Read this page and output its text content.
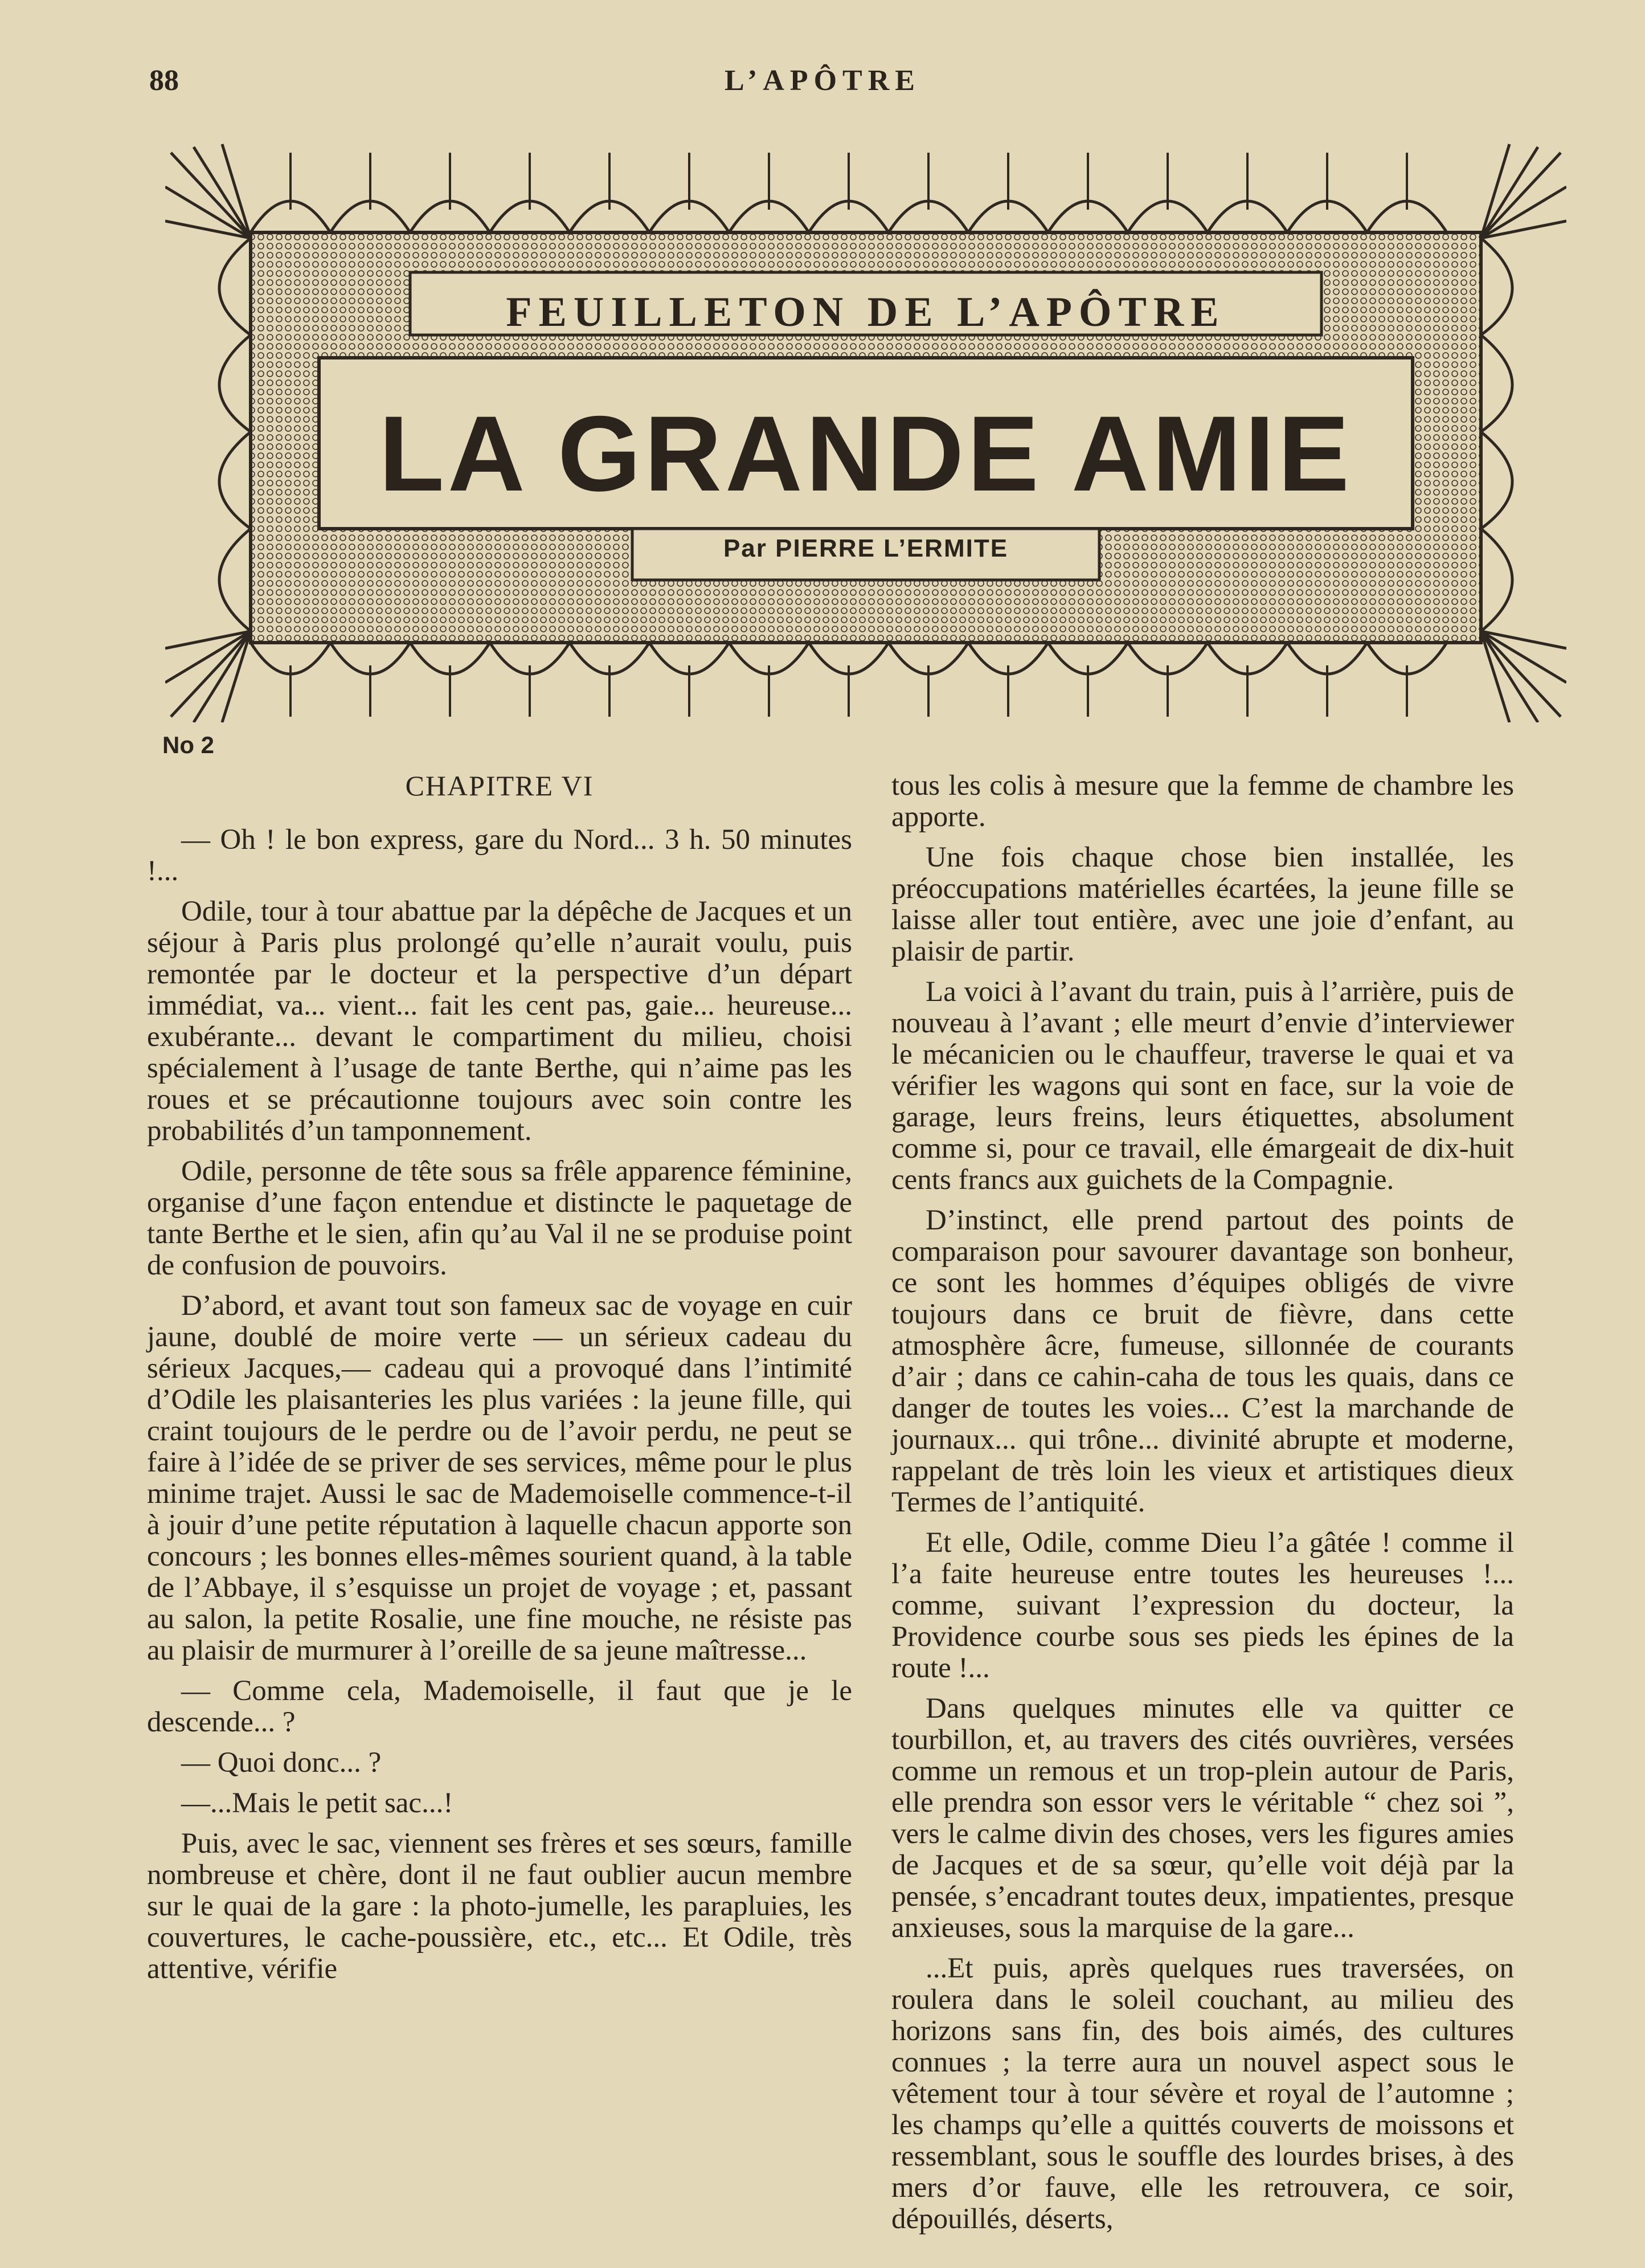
88	L’APÔTRE
FEUILLETON DE L’APÔTRE
LA GRANDE AMIE
Par PIERRE L’ERMITE
No 2
CHAPITRE VI

— Oh ! le bon express, gare du Nord... 3 h. 50 minutes !...

Odile, tour à tour abattue par la dépêche de Jacques et un séjour à Paris plus prolongé qu’elle n’aurait voulu, puis remontée par le docteur et la perspective d’un départ immédiat, va... vient... fait les cent pas, gaie... heureuse... exubérante... devant le compartiment du milieu, choisi spécialement à l’usage de tante Berthe, qui n’aime pas les roues et se précautionne toujours avec soin contre les probabilités d’un tamponnement.

Odile, personne de tête sous sa frêle apparence féminine, organise d’une façon entendue et distincte le paquetage de tante Berthe et le sien, afin qu’au Val il ne se produise point de confusion de pouvoirs.

D’abord, et avant tout son fameux sac de voyage en cuir jaune, doublé de moire verte — un sérieux cadeau du sérieux Jacques,— cadeau qui a provoqué dans l’intimité d’Odile les plaisanteries les plus variées : la jeune fille, qui craint toujours de le perdre ou de l’avoir perdu, ne peut se faire à l’idée de se priver de ses services, même pour le plus minime trajet. Aussi le sac de Mademoiselle commence-t-il à jouir d’une petite réputation à laquelle chacun apporte son concours ; les bonnes elles-mêmes sourient quand, à la table de l’Abbaye, il s’esquisse un projet de voyage ; et, passant au salon, la petite Rosalie, une fine mouche, ne résiste pas au plaisir de murmurer à l’oreille de sa jeune maîtresse...

— Comme cela, Mademoiselle, il faut que je le descende... ?

— Quoi donc... ?

—...Mais le petit sac...!

Puis, avec le sac, viennent ses frères et ses sœurs, famille nombreuse et chère, dont il ne faut oublier aucun membre sur le quai de la gare : la photo-jumelle, les parapluies, les couvertures, le cache-poussière, etc., etc... Et Odile, très attentive, vérifie

tous les colis à mesure que la femme de chambre les apporte.

Une fois chaque chose bien installée, les préoccupations matérielles écartées, la jeune fille se laisse aller tout entière, avec une joie d’enfant, au plaisir de partir.

La voici à l’avant du train, puis à l’arrière, puis de nouveau à l’avant ; elle meurt d’envie d’interviewer le mécanicien ou le chauffeur, traverse le quai et va vérifier les wagons qui sont en face, sur la voie de garage, leurs freins, leurs étiquettes, absolument comme si, pour ce travail, elle émargeait de dix-huit cents francs aux guichets de la Compagnie.

D’instinct, elle prend partout des points de comparaison pour savourer davantage son bonheur, ce sont les hommes d’équipes obligés de vivre toujours dans ce bruit de fièvre, dans cette atmosphère âcre, fumeuse, sillonnée de courants d’air ; dans ce cahin-caha de tous les quais, dans ce danger de toutes les voies... C’est la marchande de journaux... qui trône... divinité abrupte et moderne, rappelant de très loin les vieux et artistiques dieux Termes de l’antiquité.

Et elle, Odile, comme Dieu l’a gâtée ! comme il l’a faite heureuse entre toutes les heureuses !... comme, suivant l’expression du docteur, la Providence courbe sous ses pieds les épines de la route !...

Dans quelques minutes elle va quitter ce tourbillon, et, au travers des cités ouvrières, versées comme un remous et un trop-plein autour de Paris, elle prendra son essor vers le véritable “ chez soi ”, vers le calme divin des choses, vers les figures amies de Jacques et de sa sœur, qu’elle voit déjà par la pensée, s’encadrant toutes deux, impatientes, presque anxieuses, sous la marquise de la gare...

...Et puis, après quelques rues traversées, on roulera dans le soleil couchant, au milieu des horizons sans fin, des bois aimés, des cultures connues ; la terre aura un nouvel aspect sous le vêtement tour à tour sévère et royal de l’automne ; les champs qu’elle a quittés couverts de moissons et ressemblant, sous le souffle des lourdes brises, à des mers d’or fauve, elle les retrouvera, ce soir, dépouillés, déserts,
